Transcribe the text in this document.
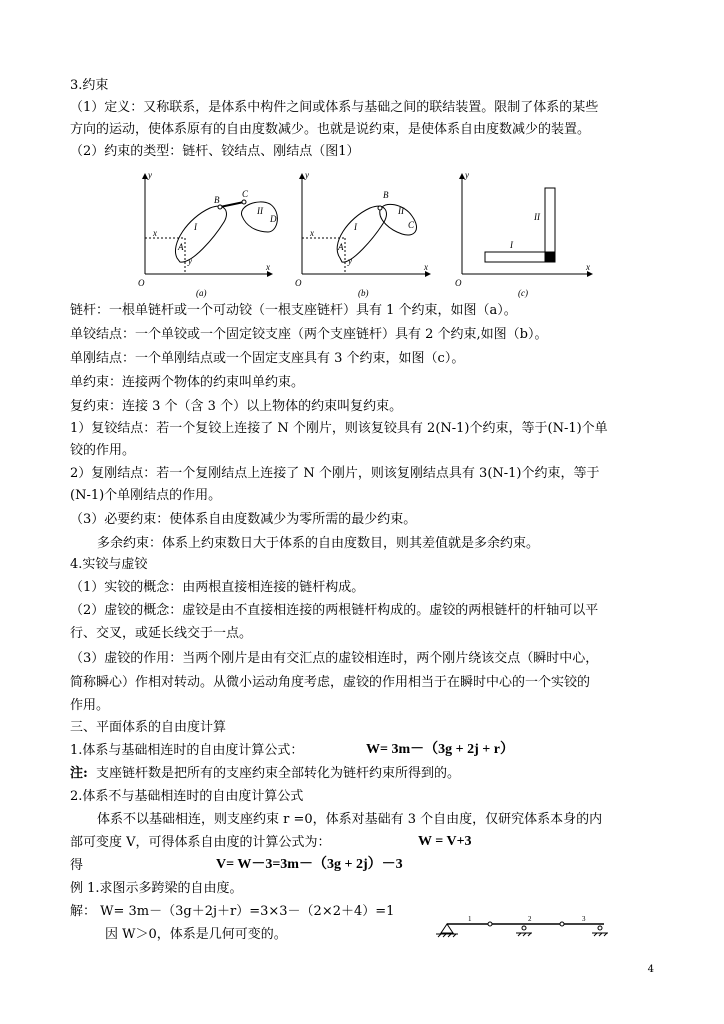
3.约束
（1）定义：又称联系，是体系中构件之间或体系与基础之间的联结装置。限制了体系的某些
方向的运动，使体系原有的自由度数减少。也就是说约束，是使体系自由度数减少的装置。
（2）约束的类型：链杆、铰结点、刚结点（图1）
y
x
O
B
C
A
I
II
D
x
y
(a)
y
x
O
B
A
I
II
C
x
y
(b)
y
x
O
I
II
(c)
链杆：一根单链杆或一个可动铰（一根支座链杆）具有 1 个约束，如图（a）。
单铰结点：一个单铰或一个固定铰支座（两个支座链杆）具有 2 个约束,如图（b）。
单刚结点：一个单刚结点或一个固定支座具有 3 个约束，如图（c）。
单约束：连接两个物体的约束叫单约束。
复约束：连接 3 个（含 3 个）以上物体的约束叫复约束。
1）复铰结点：若一个复铰上连接了 N 个刚片，则该复铰具有 2(N-1)个约束，等于(N-1)个单
铰的作用。
2）复刚结点：若一个复刚结点上连接了 N 个刚片，则该复刚结点具有 3(N-1)个约束，等于
(N-1)个单刚结点的作用。
（3）必要约束：使体系自由度数减少为零所需的最少约束。
多余约束：体系上约束数日大于体系的自由度数目，则其差值就是多余约束。
4.实铰与虚铰
（1）实铰的概念：由两根直接相连接的链杆构成。
（2）虚铰的概念：虚铰是由不直接相连接的两根链杆构成的。虚铰的两根链杆的杆轴可以平
行、交叉，或延长线交于一点。
（3）虚铰的作用：当两个刚片是由有交汇点的虚铰相连时，两个刚片绕该交点（瞬时中心，
简称瞬心）作相对转动。从微小运动角度考虑，虚铰的作用相当于在瞬时中心的一个实铰的
作用。
三、平面体系的自由度计算
1.体系与基础相连时的自由度计算公式：	W= 3m－（3g + 2j + r）
注: 支座链杆数是把所有的支座约束全部转化为链杆约束所得到的。
2.体系不与基础相连时的自由度计算公式
体系不以基础相连，则支座约束 r =0，体系对基础有 3 个自由度，仅研究体系本身的内
部可变度 V，可得体系自由度的计算公式为：	W = V+3
得	V= W－3=3m－（3g + 2j）－3
例 1.求图示多跨梁的自由度。
解： W= 3m－（3g＋2j＋r）=3×3－（2×2＋4）=1
因 W＞0，体系是几何可变的。
1	2	3
4
